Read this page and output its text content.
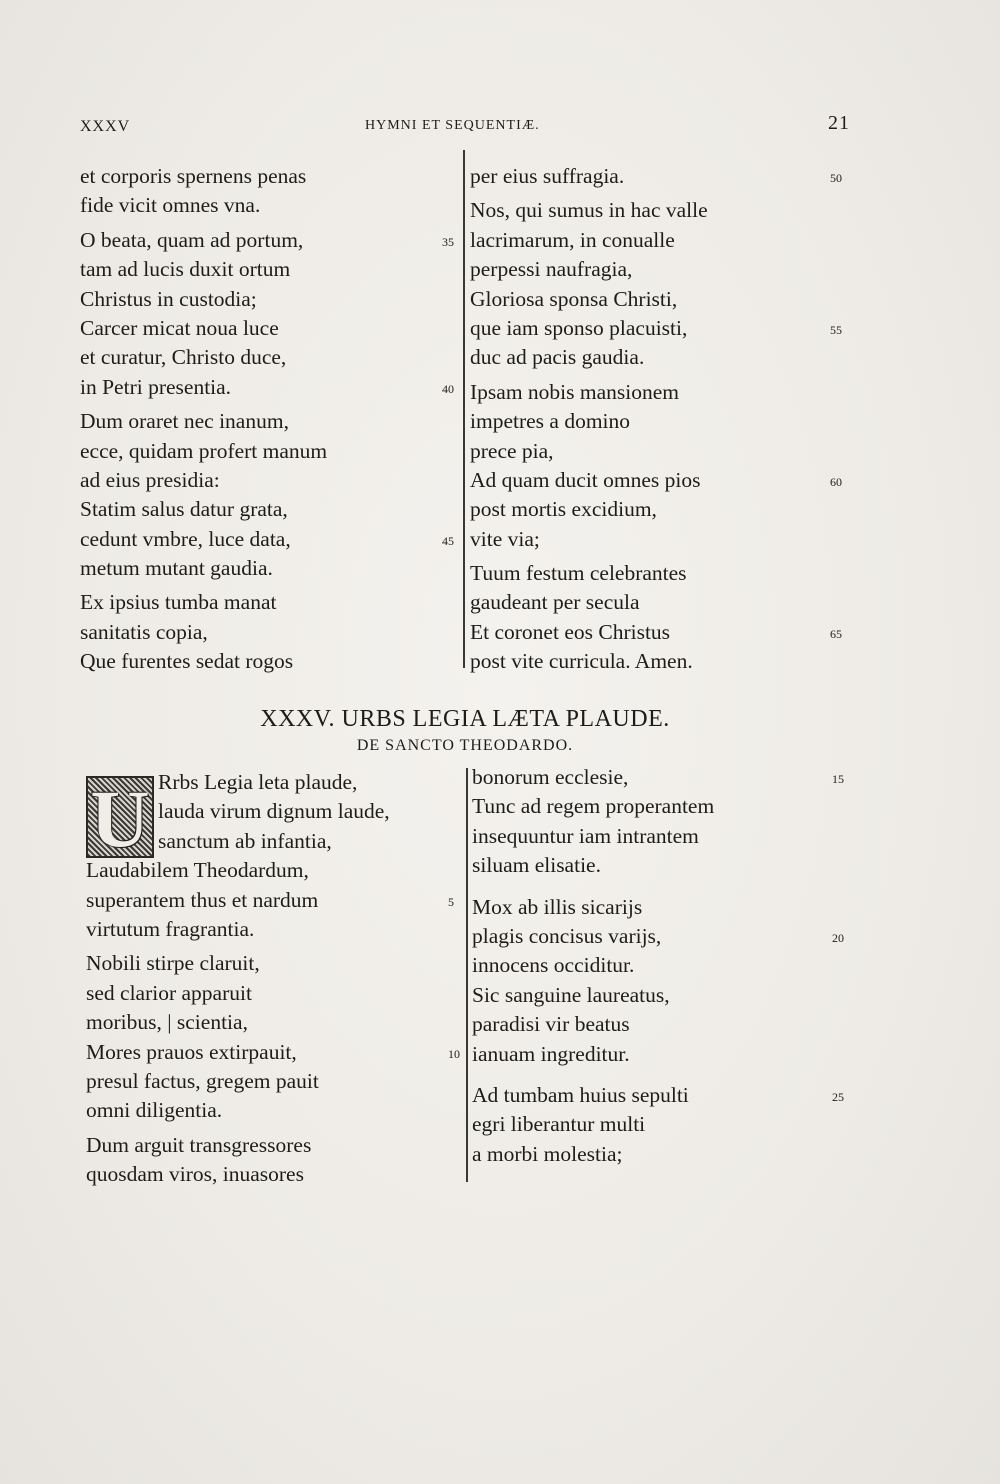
XXXV	HYMNI ET SEQUENTIÆ.	21
et corporis spernens penas
fide vicit omnes vna.
O beata, quam ad portum,	35
tam ad lucis duxit ortum
Christus in custodia;
Carcer micat noua luce
et curatur, Christo duce,
in Petri presentia.	40
Dum oraret nec inanum,
ecce, quidam profert manum
ad eius presidia:
Statim salus datur grata,
cedunt vmbre, luce data,	45
metum mutant gaudia.
Ex ipsius tumba manat
sanitatis copia,
Que furentes sedat rogos
per eius suffragia.	50
Nos, qui sumus in hac valle
lacrimarum, in conualle
perpessi naufragia,
Gloriosa sponsa Christi,
que iam sponso placuisti,	55
duc ad pacis gaudia.
Ipsam nobis mansionem
impetres a domino
prece pia,
Ad quam ducit omnes pios	60
post mortis excidium,
vite via;
Tuum festum celebrantes
gaudeant per secula
Et coronet eos Christus	65
post vite curricula. Amen.
XXXV. URBS LEGIA LÆTA PLAUDE.
DE SANCTO THEODARDO.
U Rrbs Legia leta plaude,
lauda virum dignum laude,
sanctum ab infantia,
Laudabilem Theodardum,
superantem thus et nardum	5
virtutum fragrantia.
Nobili stirpe claruit,
sed clarior apparuit
moribus, | scientia,
Mores prauos extirpauit,	10
presul factus, gregem pauit
omni diligentia.
Dum arguit transgressores
quosdam viros, inuasores
bonorum ecclesie,	15
Tunc ad regem properantem
insequuntur iam intrantem
siluam elisatie.
Mox ab illis sicarijs
plagis concisus varijs,	20
innocens occiditur.
Sic sanguine laureatus,
paradisi vir beatus
ianuam ingreditur.
Ad tumbam huius sepulti	25
egri liberantur multi
a morbi molestia;
